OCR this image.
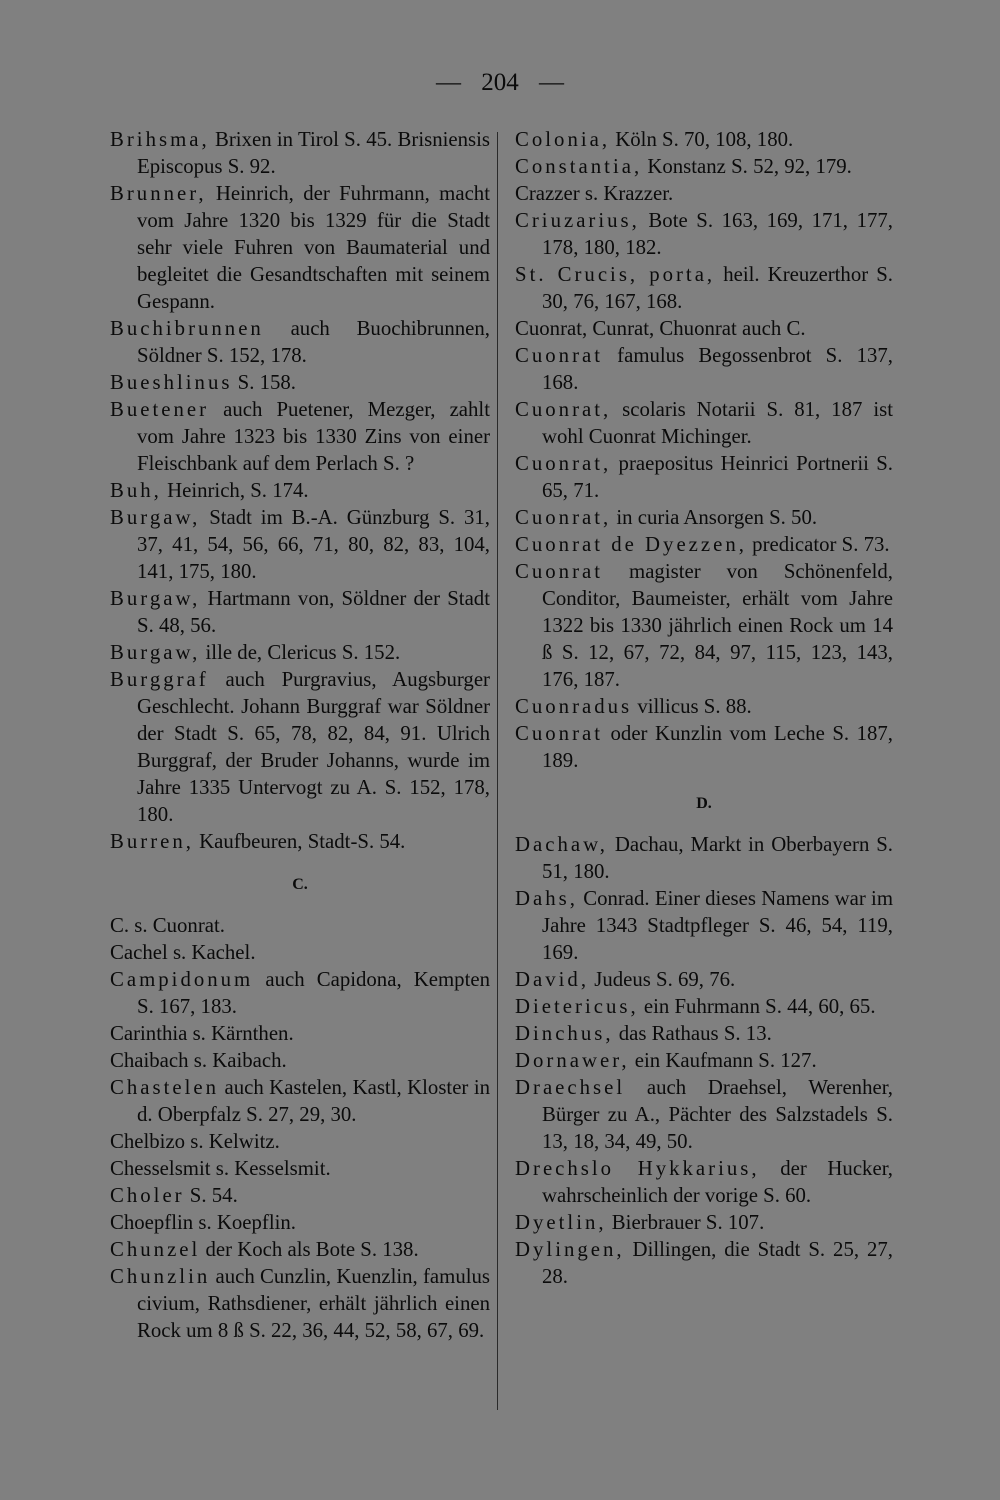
— 204 —

Brihsma, Brixen in Tirol S. 45. Brisniensis Episcopus S. 92.

Brunner, Heinrich, der Fuhrmann, macht vom Jahre 1320 bis 1329 für die Stadt sehr viele Fuhren von Baumaterial und begleitet die Gesandtschaften mit seinem Gespann.

Buchibrunnen auch Buochibrunnen, Söldner S. 152, 178.

Bueshlinus S. 158.

Buetener auch Puetener, Mezger, zahlt vom Jahre 1323 bis 1330 Zins von einer Fleischbank auf dem Perlach S. ?

Buh, Heinrich, S. 174.

Burgaw, Stadt im B.-A. Günzburg S. 31, 37, 41, 54, 56, 66, 71, 80, 82, 83, 104, 141, 175, 180.

Burgaw, Hartmann von, Söldner der Stadt S. 48, 56.

Burgaw, ille de, Clericus S. 152.

Burggraf auch Purgravius, Augsburger Geschlecht. Johann Burggraf war Söldner der Stadt S. 65, 78, 82, 84, 91. Ulrich Burggraf, der Bruder Johanns, wurde im Jahre 1335 Untervogt zu A. S. 152, 178, 180.

Burren, Kaufbeuren, Stadt-S. 54.

C.

C. s. Cuonrat.

Cachel s. Kachel.

Campidonum auch Capidona, Kempten S. 167, 183.

Carinthia s. Kärnthen.

Chaibach s. Kaibach.

Chastelen auch Kastelen, Kastl, Kloster in d. Oberpfalz S. 27, 29, 30.

Chelbizo s. Kelwitz.

Chesselsmit s. Kesselsmit.

Choler S. 54.

Choepflin s. Koepflin.

Chunzel der Koch als Bote S. 138.

Chunzlin auch Cunzlin, Kuenzlin, famulus civium, Rathsdiener, erhält jährlich einen Rock um 8 ß S. 22, 36, 44, 52, 58, 67, 69.

Colonia, Köln S. 70, 108, 180.

Constantia, Konstanz S. 52, 92, 179.

Crazzer s. Krazzer.

Criuzarius, Bote S. 163, 169, 171, 177, 178, 180, 182.

St. Crucis, porta, heil. Kreuzerthor S. 30, 76, 167, 168.

Cuonrat, Cunrat, Chuonrat auch C.

Cuonrat famulus Begossenbrot S. 137, 168.

Cuonrat, scolaris Notarii S. 81, 187 ist wohl Cuonrat Michinger.

Cuonrat, praepositus Heinrici Portnerii S. 65, 71.

Cuonrat, in curia Ansorgen S. 50.

Cuonrat de Dyezzen, predicator S. 73.

Cuonrat magister von Schönenfeld, Conditor, Baumeister, erhält vom Jahre 1322 bis 1330 jährlich einen Rock um 14 ß S. 12, 67, 72, 84, 97, 115, 123, 143, 176, 187.

Cuonradus villicus S. 88.

Cuonrat oder Kunzlin vom Leche S. 187, 189.

D.

Dachaw, Dachau, Markt in Oberbayern S. 51, 180.

Dahs, Conrad. Einer dieses Namens war im Jahre 1343 Stadtpfleger S. 46, 54, 119, 169.

David, Judeus S. 69, 76.

Dietericus, ein Fuhrmann S. 44, 60, 65.

Dinchus, das Rathaus S. 13.

Dornawer, ein Kaufmann S. 127.

Draechsel auch Draehsel, Werenher, Bürger zu A., Pächter des Salzstadels S. 13, 18, 34, 49, 50.

Drechslo Hykkarius, der Hucker, wahrscheinlich der vorige S. 60.

Dyetlin, Bierbrauer S. 107.

Dylingen, Dillingen, die Stadt S. 25, 27, 28.
